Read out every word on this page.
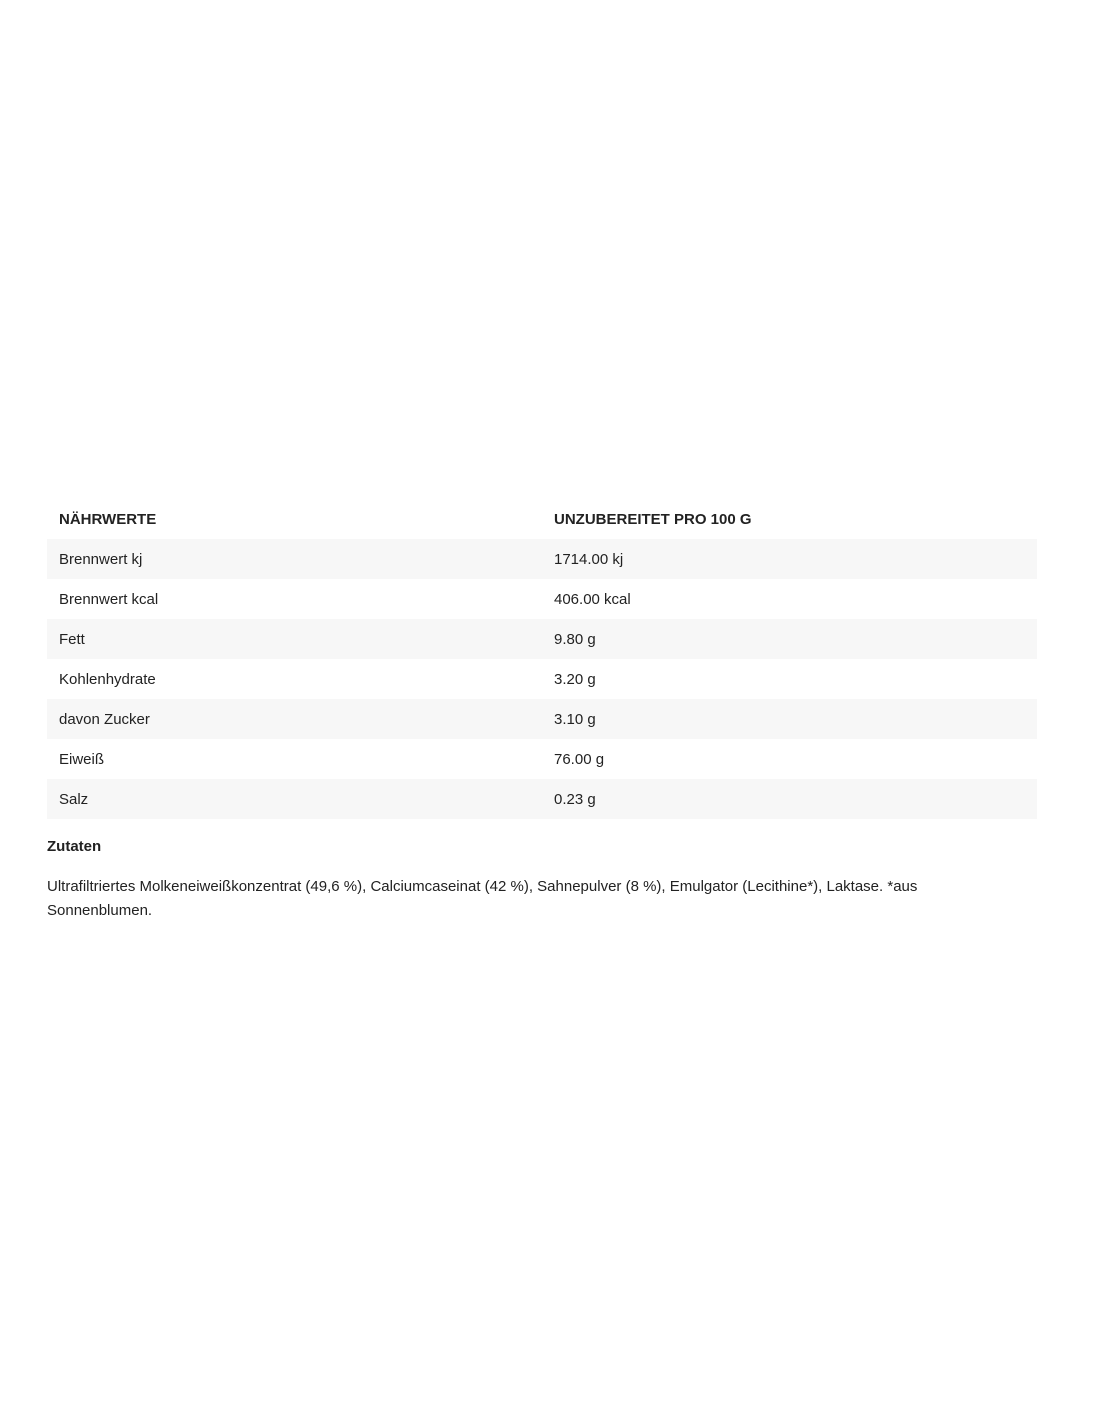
NÄHRWERTE	UNZUBEREITET PRO 100 G
Brennwert kj	1714.00 kj
Brennwert kcal	406.00 kcal
Fett	9.80 g
Kohlenhydrate	3.20 g
davon Zucker	3.10 g
Eiweiß	76.00 g
Salz	0.23 g
Zutaten
Ultrafiltriertes Molkeneiweißkonzentrat (49,6 %), Calciumcaseinat (42 %), Sahnepulver (8 %), Emulgator (Lecithine*), Laktase. *aus Sonnenblumen.
